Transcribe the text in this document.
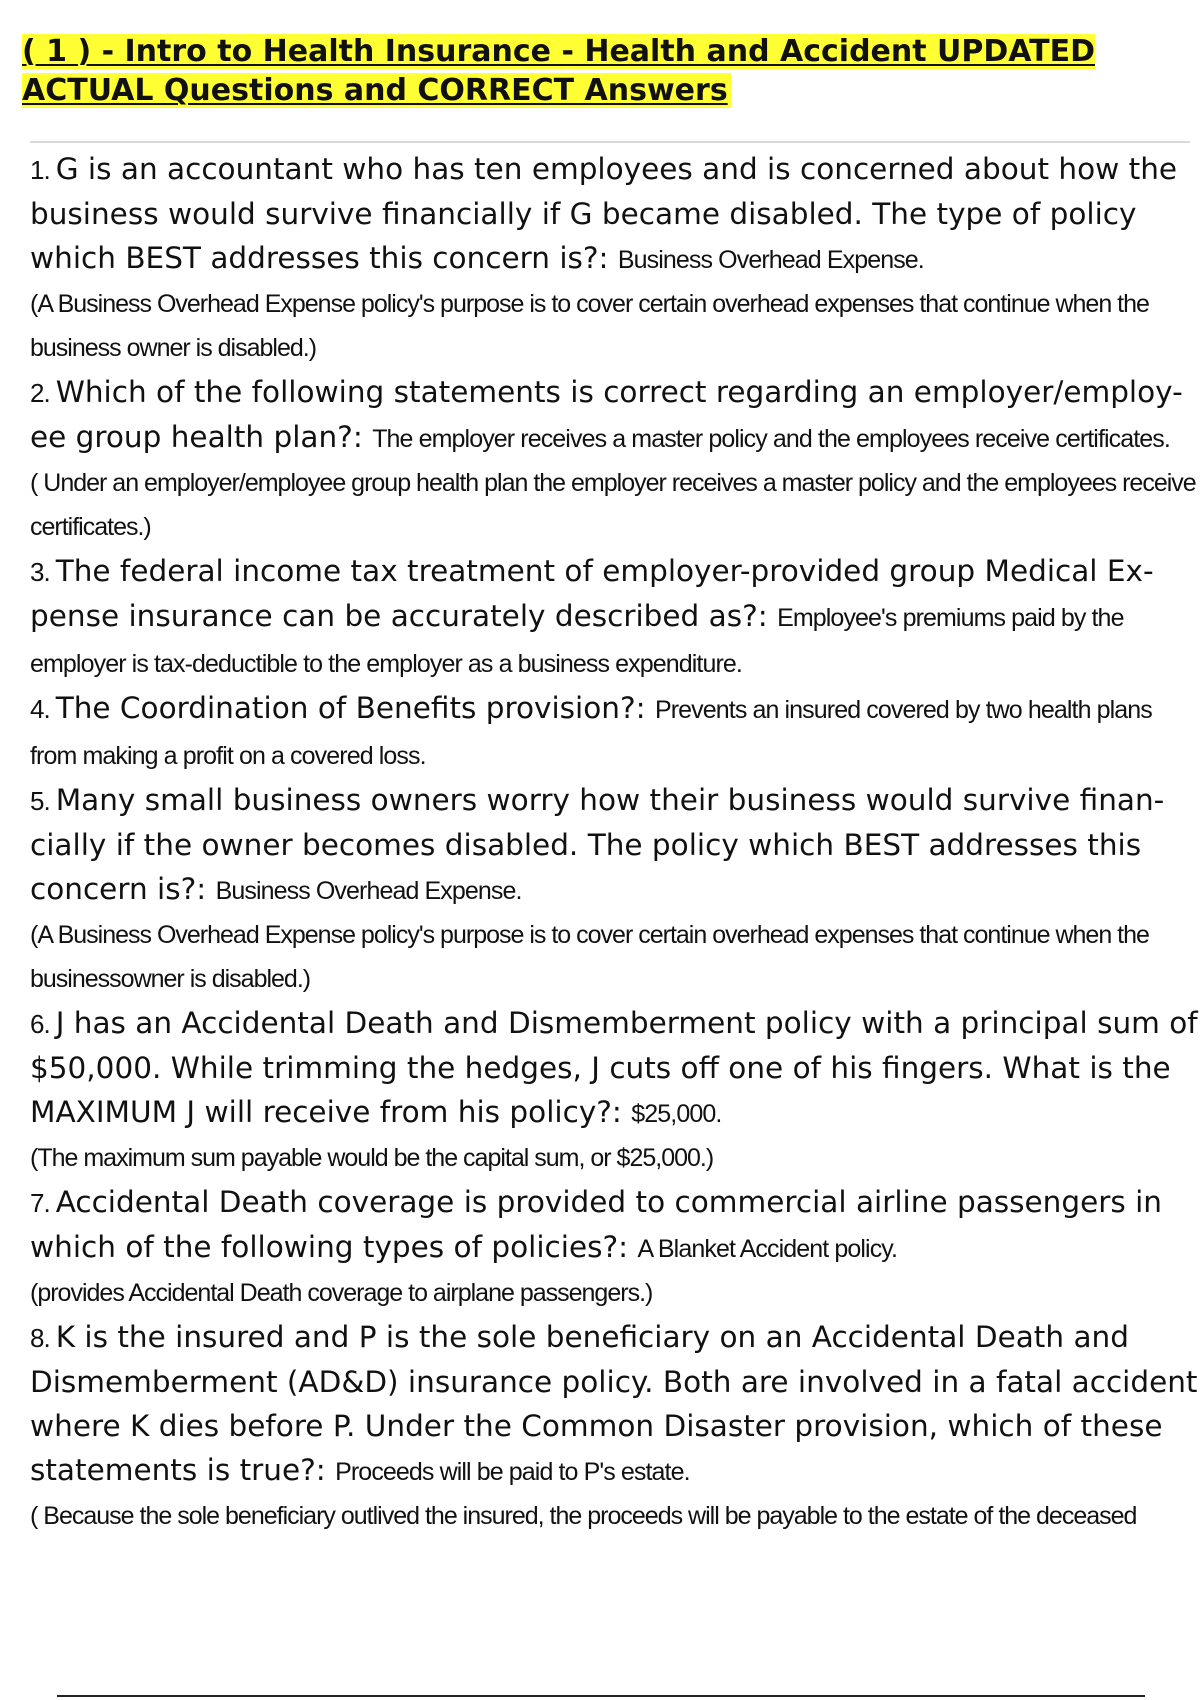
( 1 ) - Intro to Health Insurance - Health and Accident UPDATED ACTUAL Questions and CORRECT Answers

1. G is an accountant who has ten employees and is concerned about how the business would survive financially if G became disabled. The type of policy which BEST addresses this concern is?: Business Overhead Expense.

(A Business Overhead Expense policy's purpose is to cover certain overhead expenses that continue when the business owner is disabled.)

2. Which of the following statements is correct regarding an employer/employ- ee group health plan?: The employer receives a master policy and the employees receive certificates.

( Under an employer/employee group health plan the employer receives a master policy and the employees receive certificates.)

3. The federal income tax treatment of employer-provided group Medical Ex- pense insurance can be accurately described as?: Employee's premiums paid by the employer is tax-deductible to the employer as a business expenditure.

4. The Coordination of Benefits provision?: Prevents an insured covered by two health plans from making a profit on a covered loss.

5. Many small business owners worry how their business would survive finan- cially if the owner becomes disabled. The policy which BEST addresses this concern is?: Business Overhead Expense.

(A Business Overhead Expense policy's purpose is to cover certain overhead expenses that continue when the businessowner is disabled.)

6. J has an Accidental Death and Dismemberment policy with a principal sum of $50,000. While trimming the hedges, J cuts off one of his fingers. What is the MAXIMUM J will receive from his policy?: $25,000.

(The maximum sum payable would be the capital sum, or $25,000.)

7. Accidental Death coverage is provided to commercial airline passengers in which of the following types of policies?: A Blanket Accident policy.

(provides Accidental Death coverage to airplane passengers.)

8. K is the insured and P is the sole beneficiary on an Accidental Death and Dismemberment (AD&D) insurance policy. Both are involved in a fatal accident where K dies before P. Under the Common Disaster provision, which of these statements is true?: Proceeds will be paid to P's estate.

( Because the sole beneficiary outlived the insured, the proceeds will be payable to the estate of the deceased
